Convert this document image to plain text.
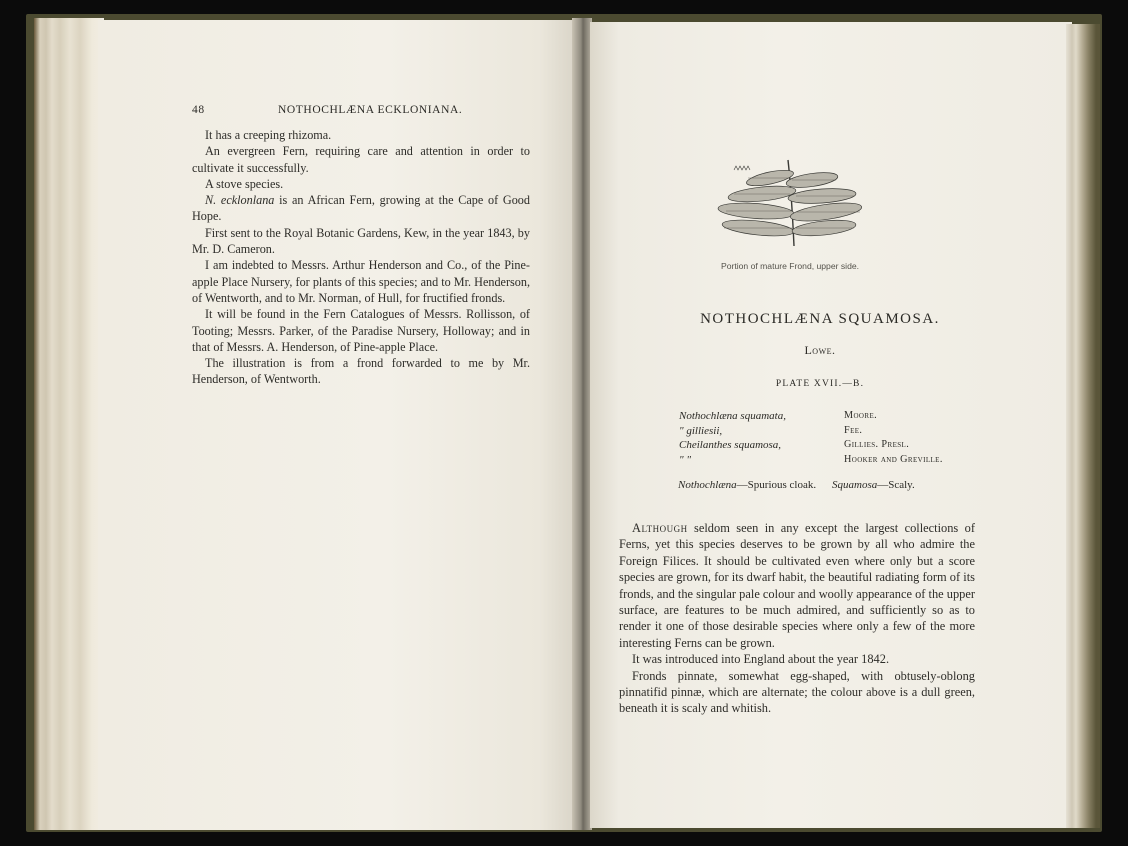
48	NOTHOCHLÆNA ECKLONIANA.

It has a creeping rhizoma.

An evergreen Fern, requiring care and attention in order to cultivate it successfully.

A stove species.

N. ecklonlana is an African Fern, growing at the Cape of Good Hope.

First sent to the Royal Botanic Gardens, Kew, in the year 1843, by Mr. D. Cameron.

I am indebted to Messrs. Arthur Henderson and Co., of the Pine-apple Place Nursery, for plants of this species; and to Mr. Henderson, of Wentworth, and to Mr. Norman, of Hull, for fructified fronds.

It will be found in the Fern Catalogues of Messrs. Rollisson, of Tooting; Messrs. Parker, of the Paradise Nursery, Holloway; and in that of Messrs. A. Henderson, of Pine-apple Place.

The illustration is from a frond forwarded to me by Mr. Henderson, of Wentworth.

Portion of mature Frond, upper side.
NOTHOCHLÆNA SQUAMOSA.
Lowe.
PLATE XVII.—B.
Nothochlæna squamata,
" gilliesii,
Cheilanthes squamosa,
" "
Moore.
Fee.
Gillies. Presl.
Hooker and Greville.
Nothochlæna—Spurious cloak. Squamosa—Scaly.

Although seldom seen in any except the largest collections of Ferns, yet this species deserves to be grown by all who admire the Foreign Filices. It should be cultivated even where only but a score species are grown, for its dwarf habit, the beautiful radiating form of its fronds, and the singular pale colour and woolly appearance of the upper surface, are features to be much admired, and sufficiently so as to render it one of those desirable species where only a few of the more interesting Ferns can be grown.

It was introduced into England about the year 1842.

Fronds pinnate, somewhat egg-shaped, with obtusely-oblong pinnatifid pinnæ, which are alternate; the colour above is a dull green, beneath it is scaly and whitish.
